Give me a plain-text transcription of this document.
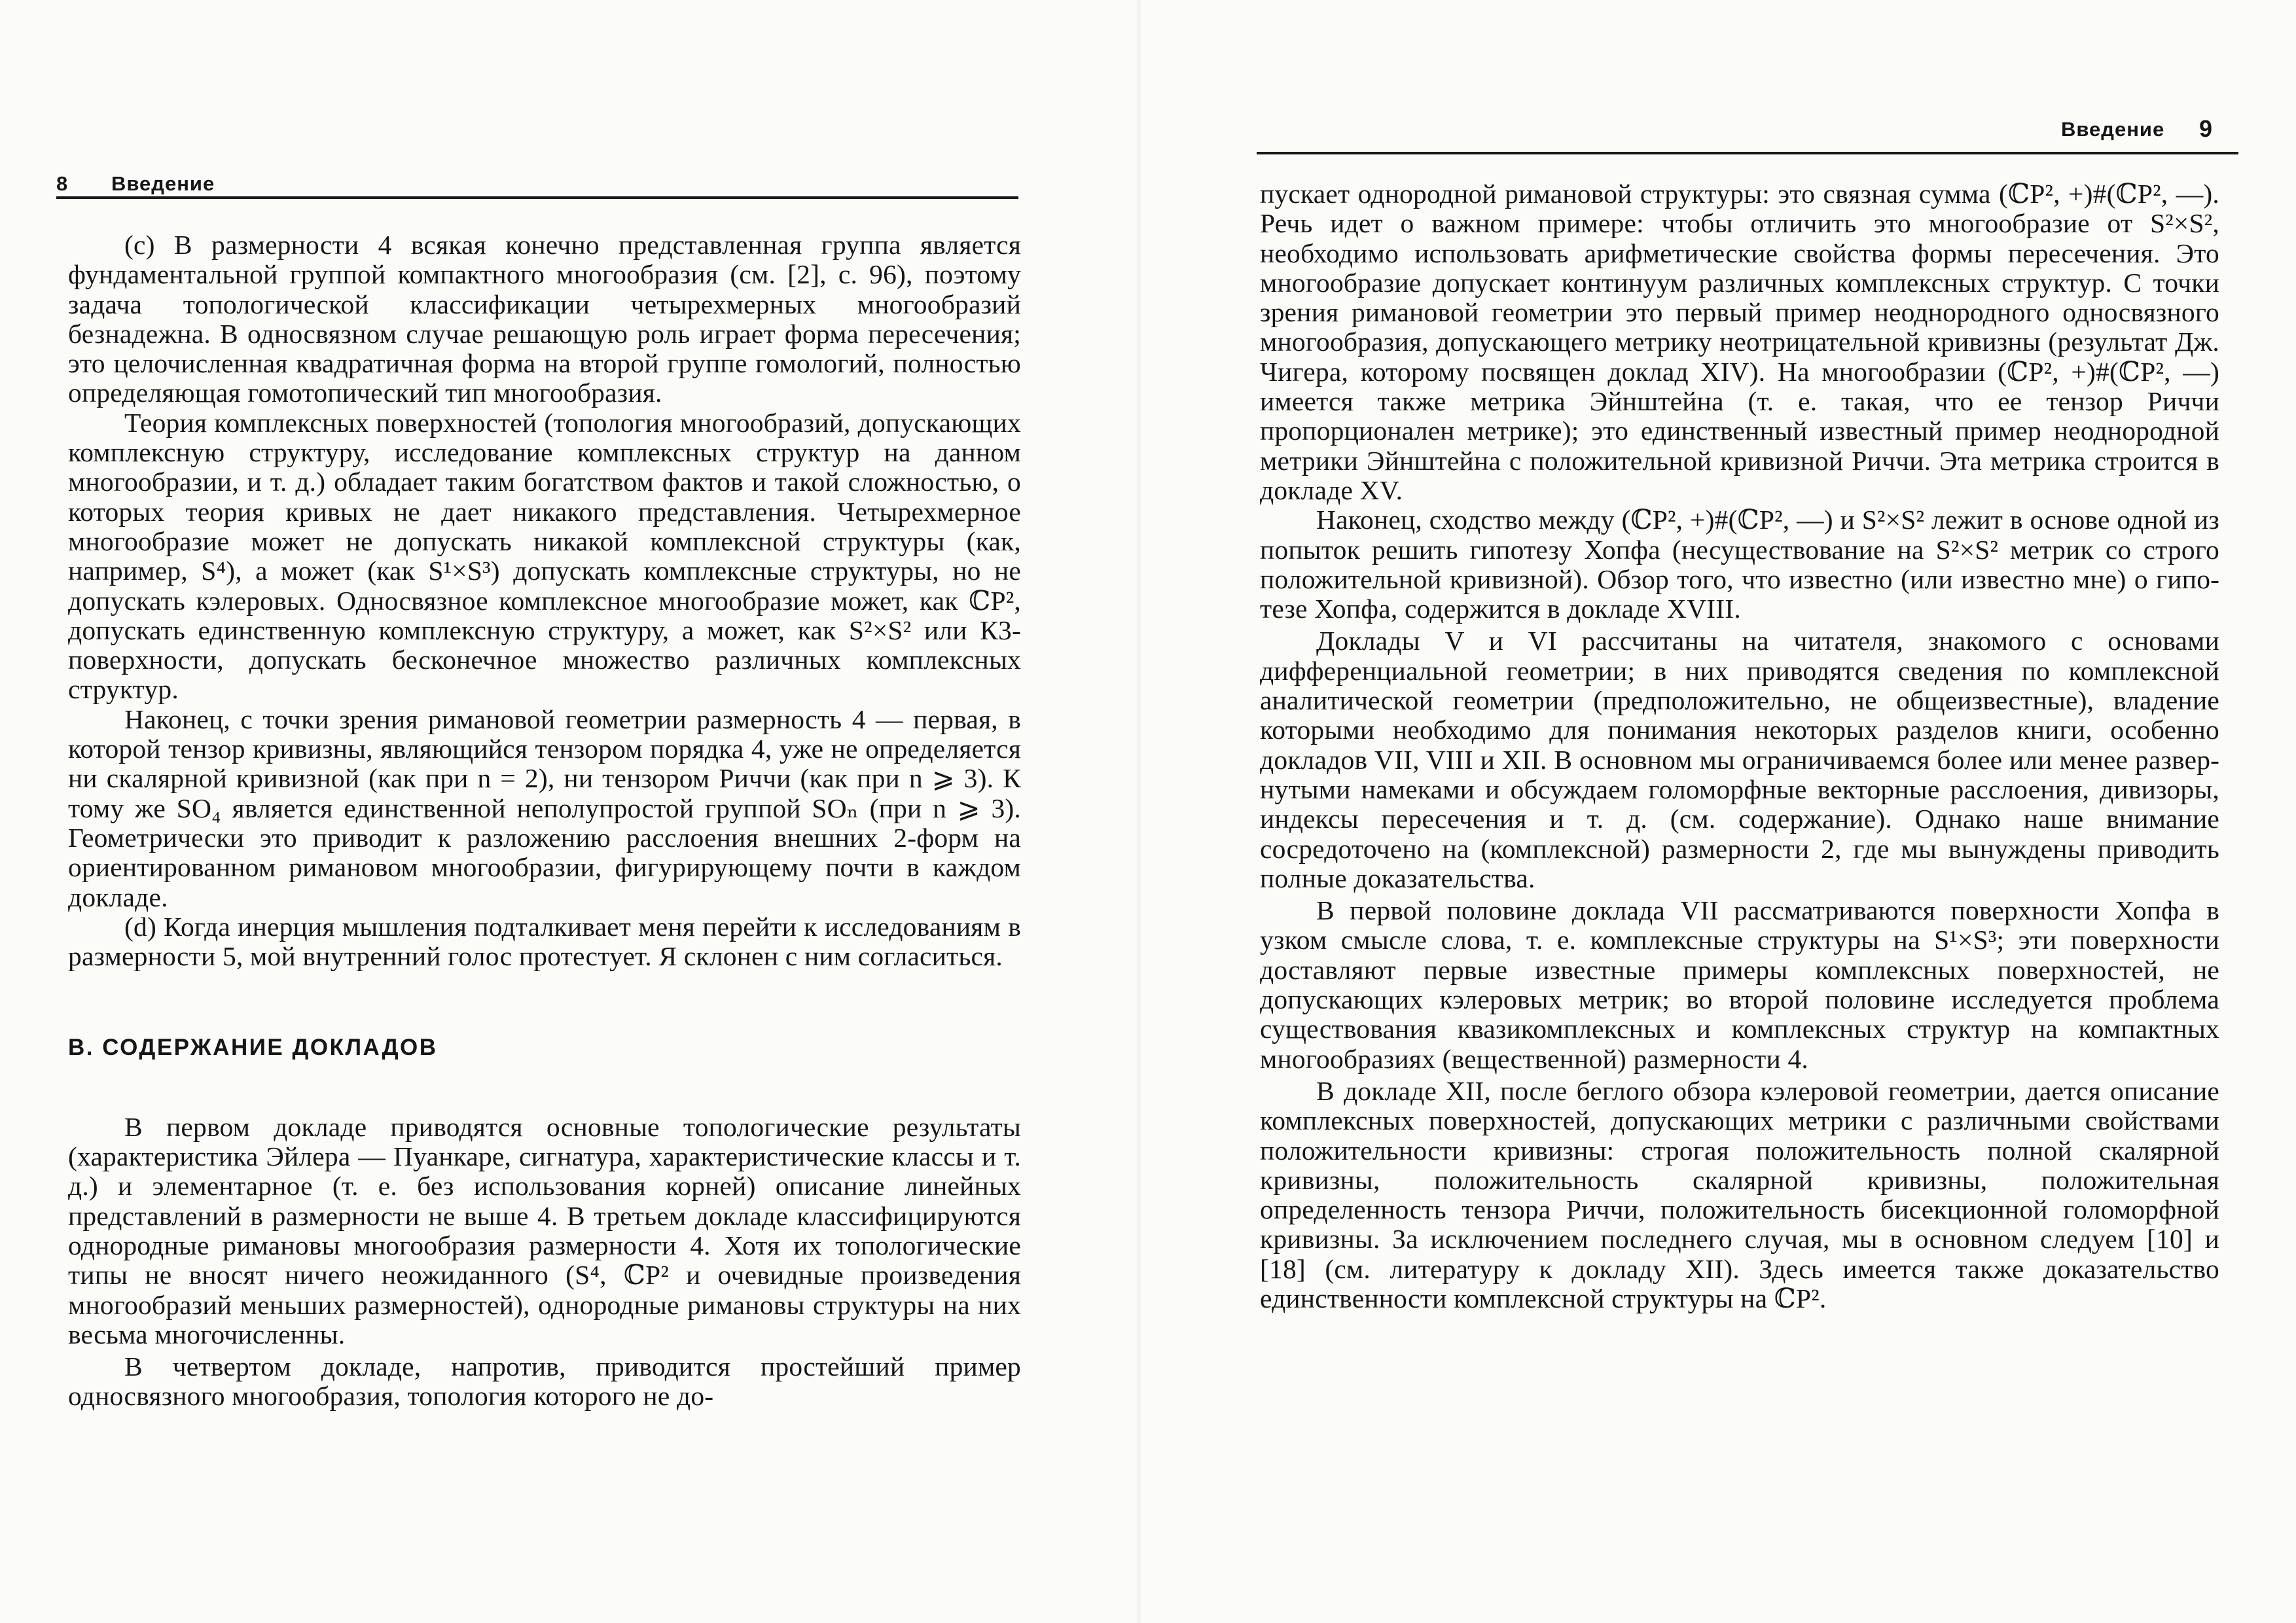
8 Введение

(c) В размерности 4 всякая конечно представленная группа является фундаментальной группой компактного многообразия (см. [2], с. 96), поэтому задача топологической классификации четырехмерных многообразий безнадежна. В односвязном случае решающую роль играет форма пересечения; это целочисленная квадратичная форма на второй группе гомологий, полностью определяющая гомотопический тип многообразия.

Теория комплексных поверхностей (топология многообразий, допускающих комплексную структуру, исследование комплексных структур на данном многообразии, и т. д.) обладает таким богатством фактов и такой сложностью, о которых теория кривых не дает никакого представления. Четырехмерное многообразие может не допускать никакой комплексной структуры (как, например, S⁴), а может (как S¹×S³) допускать комплексные структуры, но не допускать кэлеровых. Односвязное комплексное многообразие может, как ℂP², допускать единственную комплексную структуру, а может, как S²×S² или К3-поверхности, допускать бесконечное множество различных комплексных структур.

Наконец, с точки зрения римановой геометрии размерность 4 — первая, в которой тензор кривизны, являющийся тензором порядка 4, уже не определяется ни скалярной кривизной (как при n = 2), ни тензором Риччи (как при n ⩾ 3). К тому же SO₄ является единственной неполупростой группой SOₙ (при n ⩾ 3). Геометрически это приводит к разложению расслоения внешних 2-форм на ориентированном римановом многообразии, фигурирующему почти в каждом докладе.

(d) Когда инерция мышления подталкивает меня перейти к исследованиям в размерности 5, мой внутренний голос протестует. Я склонен с ним согласиться.

B. СОДЕРЖАНИЕ ДОКЛАДОВ

В первом докладе приводятся основные топологические результаты (характеристика Эйлера — Пуанкаре, сигнатура, характеристические классы и т. д.) и элементарное (т. е. без использования корней) описание линейных представлений в размерности не выше 4. В третьем докладе классифицируются однородные римановы многообразия размерности 4. Хотя их топологические типы не вносят ничего неожиданного (S⁴, ℂP² и очевидные произведения многообразий меньших размерностей), однородные римановы структуры на них весьма многочисленны.

В четвертом докладе, напротив, приводится простейший пример односвязного многообразия, топология которого не до-

Введение 9

пускает однородной римановой структуры: это связная сумма (ℂP², +)#(ℂP², —). Речь идет о важном примере: чтобы отличить это многообразие от S²×S², необходимо использовать арифметические свойства формы пересечения. Это многообразие допускает континуум различных комплексных структур. С точки зрения римановой геометрии это первый пример неоднородного односвязного многообразия, допускающего метрику неотрицательной кривизны (результат Дж. Чигера, которому посвящен доклад XIV). На многообразии (ℂP², +)#(ℂP², —) имеется также метрика Эйнштейна (т. е. такая, что ее тензор Риччи пропорционален метрике); это единственный известный пример неоднородной метрики Эйнштейна с положительной кривизной Риччи. Эта метрика строится в докладе XV.

Наконец, сходство между (ℂP², +)#(ℂP², —) и S²×S² лежит в основе одной из попыток решить гипотезу Хопфа (несуществование на S²×S² метрик со строго положительной кривизной). Обзор того, что известно (или известно мне) о гипотезе Хопфа, содержится в докладе XVIII.

Доклады V и VI рассчитаны на читателя, знакомого с основами дифференциальной геометрии; в них приводятся сведения по комплексной аналитической геометрии (предположительно, не общеизвестные), владение которыми необходимо для понимания некоторых разделов книги, особенно докладов VII, VIII и XII. В основном мы ограничиваемся более или менее развернутыми намеками и обсуждаем голоморфные векторные расслоения, дивизоры, индексы пересечения и т. д. (см. содержание). Однако наше внимание сосредоточено на (комплексной) размерности 2, где мы вынуждены приводить полные доказательства.

В первой половине доклада VII рассматриваются поверхности Хопфа в узком смысле слова, т. е. комплексные структуры на S¹×S³; эти поверхности доставляют первые известные примеры комплексных поверхностей, не допускающих кэлеровых метрик; во второй половине исследуется проблема существования квазикомплексных и комплексных структур на компактных многообразиях (вещественной) размерности 4.

В докладе XII, после беглого обзора кэлеровой геометрии, дается описание комплексных поверхностей, допускающих метрики с различными свойствами положительности кривизны: строгая положительность полной скалярной кривизны, положительность скалярной кривизны, положительная определенность тензора Риччи, положительность бисекционной голоморфной кривизны. За исключением последнего случая, мы в основном следуем [10] и [18] (см. литературу к докладу XII). Здесь имеется также доказательство единственности комплексной структуры на ℂP².
